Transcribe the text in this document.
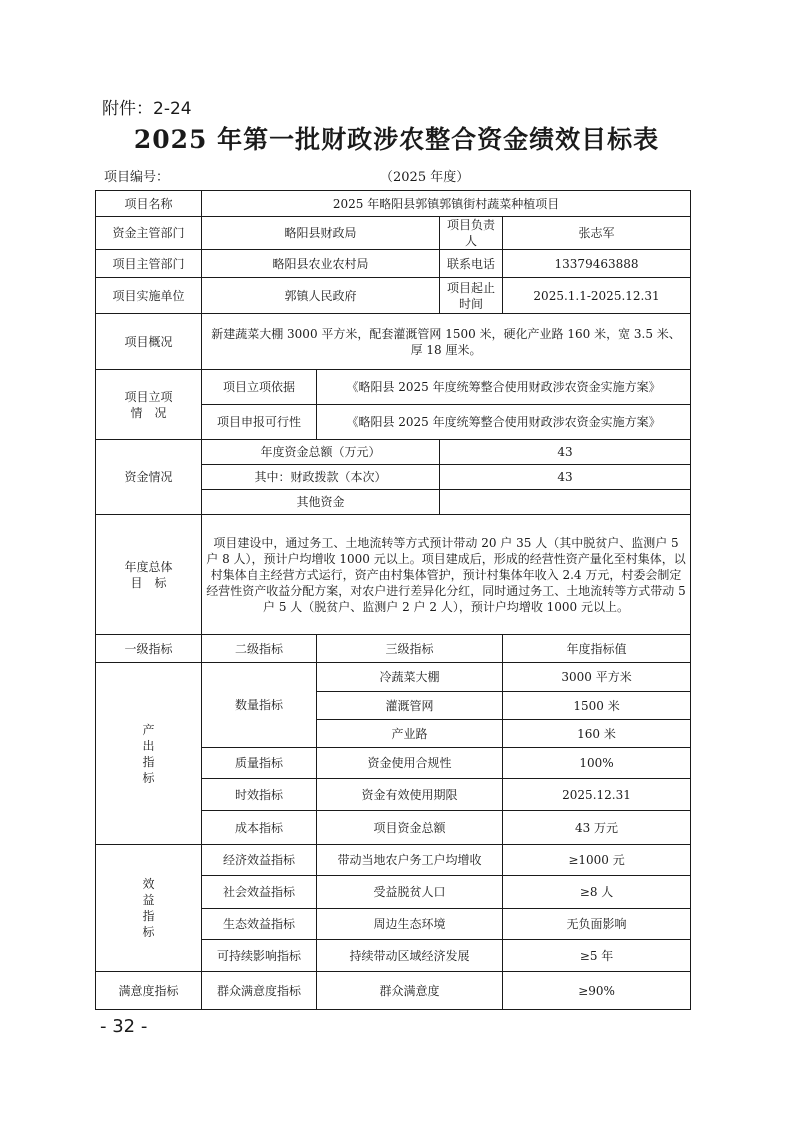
附件：2-24
2025 年第一批财政涉农整合资金绩效目标表
项目编号：	（2025 年度）
项目名称	2025 年略阳县郭镇郭镇街村蔬菜种植项目			
资金主管部门	略阳县财政局		项目负责人	张志军
项目主管部门	略阳县农业农村局		联系电话	13379463888
项目实施单位	郭镇人民政府		项目起止时间	2025.1.1-2025.12.31
项目概况	新建蔬菜大棚 3000 平方米，配套灌溉管网 1500 米，硬化产业路 160 米，宽 3.5 米、厚 18 厘米。			

项目立项
情　况	项目立项依据	《略阳县 2025 年度统筹整合使用财政涉农资金实施方案》		
	项目申报可行性	《略阳县 2025 年度统筹整合使用财政涉农资金实施方案》		
资金情况	年度资金总额（万元）		43	
	其中：财政拨款（本次）		43	
	其他资金			

年度总体
目　标	项目建设中，通过务工、土地流转等方式预计带动 20 户 35 人（其中脱贫户、监测户 5 户 8 人），预计户均增收 1000 元以上。项目建成后，形成的经营性资产量化至村集体，以村集体自主经营方式运行，资产由村集体管护，预计村集体年收入 2.4 万元，村委会制定经营性资产收益分配方案，对农户进行差异化分红，同时通过务工、土地流转等方式带动 5 户 5 人（脱贫户、监测户 2 户 2 人），预计户均增收 1000 元以上。			
一级指标	二级指标	三级指标		年度指标值

产
出
指
标	数量指标	冷蔬菜大棚		3000 平方米
		灌溉管网		1500 米
		产业路		160 米
	质量指标	资金使用合规性		100%
	时效指标	资金有效使用期限		2025.12.31
	成本指标	项目资金总额		43 万元

效
益
指
标	经济效益指标	带动当地农户务工户均增收		≥1000 元
	社会效益指标	受益脱贫人口		≥8 人
	生态效益指标	周边生态环境		无负面影响
	可持续影响指标	持续带动区域经济发展		≥5 年
满意度指标	群众满意度指标	群众满意度		≥90%
- 32 -
